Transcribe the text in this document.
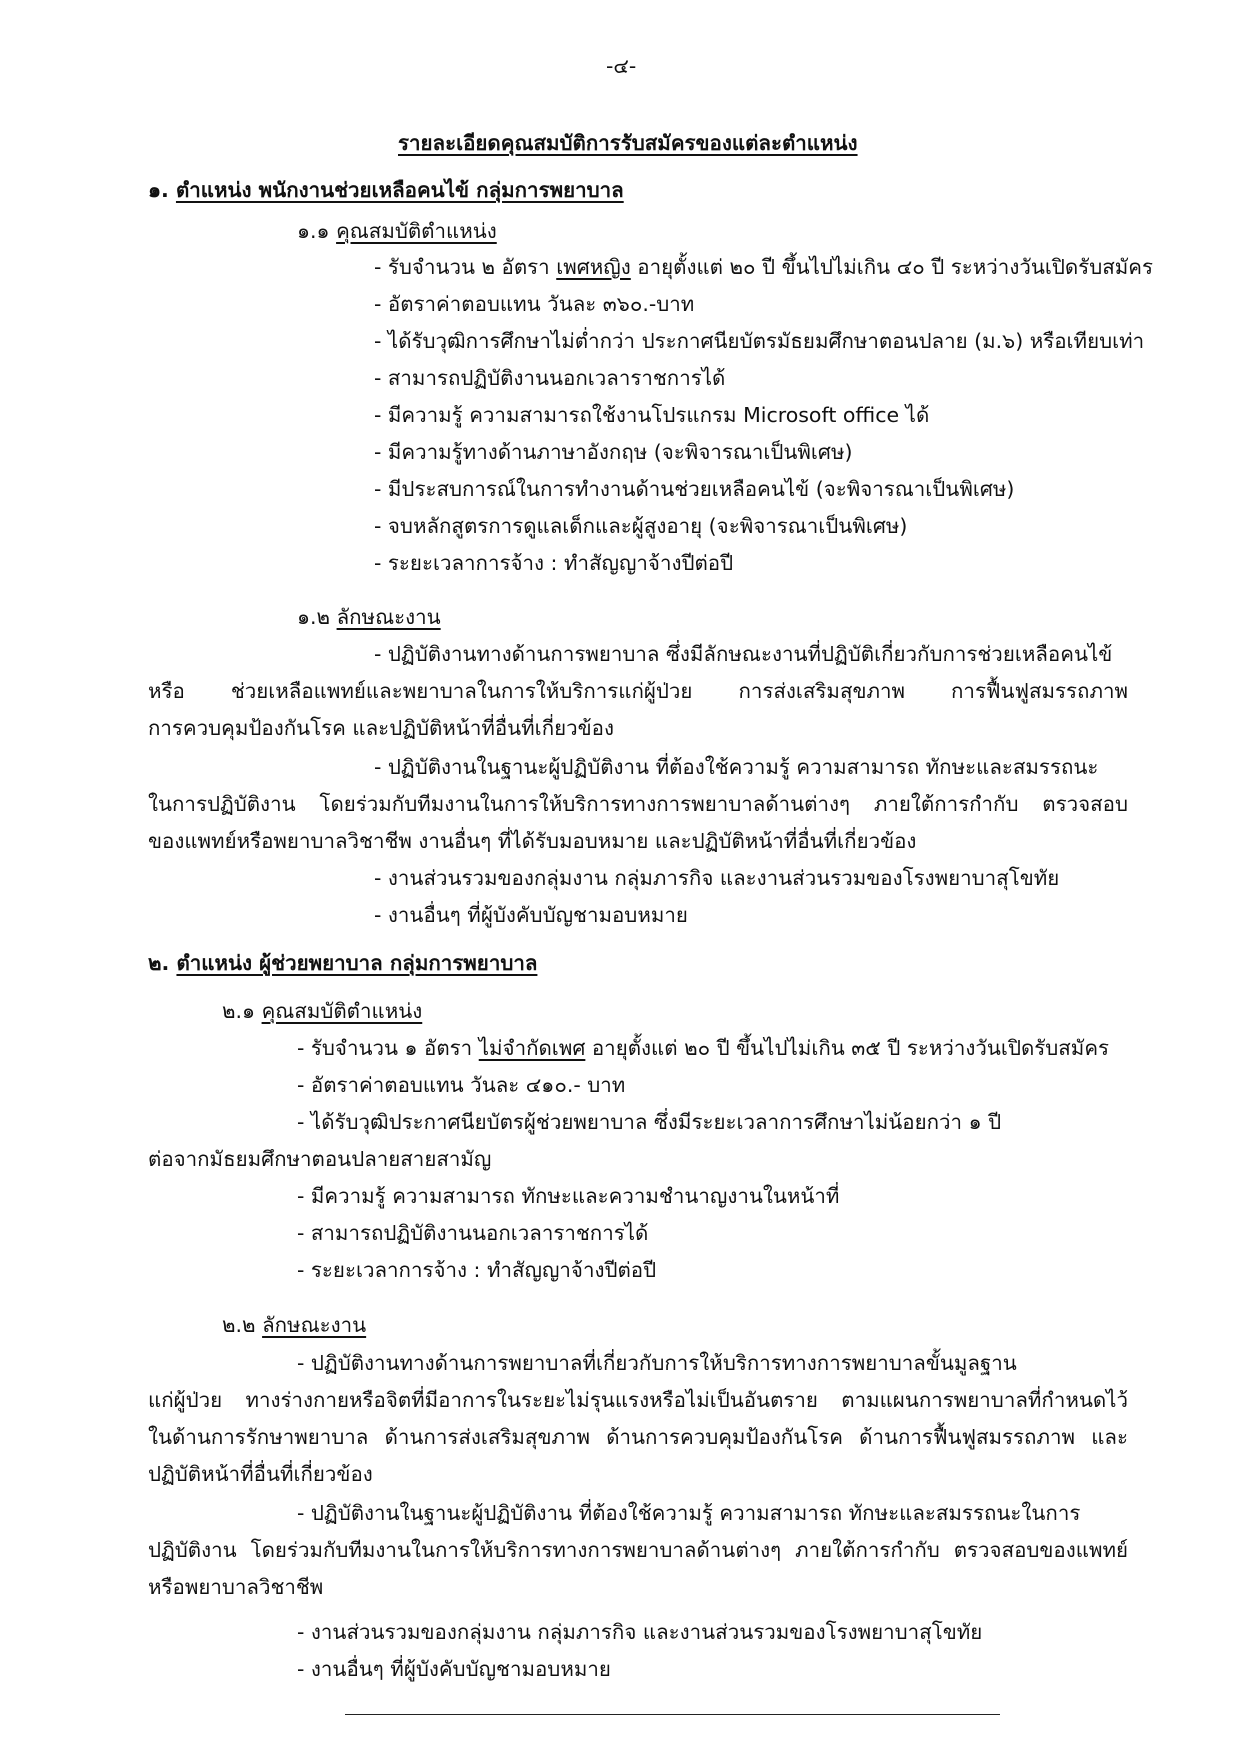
-๔-
รายละเอียดคุณสมบัติการรับสมัครของแต่ละตำแหน่ง
๑. ตำแหน่ง พนักงานช่วยเหลือคนไข้ กลุ่มการพยาบาล
๑.๑ คุณสมบัติตำแหน่ง
- รับจำนวน ๒ อัตรา เพศหญิง อายุตั้งแต่ ๒๐ ปี ขึ้นไปไม่เกิน ๔๐ ปี ระหว่างวันเปิดรับสมัคร
- อัตราค่าตอบแทน วันละ ๓๖๐.-บาท
- ได้รับวุฒิการศึกษาไม่ต่ำกว่า ประกาศนียบัตรมัธยมศึกษาตอนปลาย (ม.๖) หรือเทียบเท่า
- สามารถปฏิบัติงานนอกเวลาราชการได้
- มีความรู้ ความสามารถใช้งานโปรแกรม Microsoft office ได้
- มีความรู้ทางด้านภาษาอังกฤษ (จะพิจารณาเป็นพิเศษ)
- มีประสบการณ์ในการทำงานด้านช่วยเหลือคนไข้ (จะพิจารณาเป็นพิเศษ)
- จบหลักสูตรการดูแลเด็กและผู้สูงอายุ (จะพิจารณาเป็นพิเศษ)
- ระยะเวลาการจ้าง : ทำสัญญาจ้างปีต่อปี
๑.๒ ลักษณะงาน
- ปฏิบัติงานทางด้านการพยาบาล ซึ่งมีลักษณะงานที่ปฏิบัติเกี่ยวกับการช่วยเหลือคนไข้
หรือ ช่วยเหลือแพทย์และพยาบาลในการให้บริการแก่ผู้ป่วย การส่งเสริมสุขภาพ การฟื้นฟูสมรรถภาพ
การควบคุมป้องกันโรค และปฏิบัติหน้าที่อื่นที่เกี่ยวข้อง
- ปฏิบัติงานในฐานะผู้ปฏิบัติงาน ที่ต้องใช้ความรู้ ความสามารถ ทักษะและสมรรถนะ
ในการปฏิบัติงาน โดยร่วมกับทีมงานในการให้บริการทางการพยาบาลด้านต่างๆ ภายใต้การกำกับ ตรวจสอบ
ของแพทย์หรือพยาบาลวิชาชีพ งานอื่นๆ ที่ได้รับมอบหมาย และปฏิบัติหน้าที่อื่นที่เกี่ยวข้อง
- งานส่วนรวมของกลุ่มงาน กลุ่มภารกิจ และงานส่วนรวมของโรงพยาบาสุโขทัย
- งานอื่นๆ ที่ผู้บังคับบัญชามอบหมาย
๒. ตำแหน่ง ผู้ช่วยพยาบาล กลุ่มการพยาบาล
๒.๑ คุณสมบัติตำแหน่ง
- รับจำนวน ๑ อัตรา ไม่จำกัดเพศ อายุตั้งแต่ ๒๐ ปี ขึ้นไปไม่เกิน ๓๕ ปี ระหว่างวันเปิดรับสมัคร
- อัตราค่าตอบแทน วันละ ๔๑๐.- บาท
- ได้รับวุฒิประกาศนียบัตรผู้ช่วยพยาบาล ซึ่งมีระยะเวลาการศึกษาไม่น้อยกว่า ๑ ปี
ต่อจากมัธยมศึกษาตอนปลายสายสามัญ
- มีความรู้ ความสามารถ ทักษะและความชำนาญงานในหน้าที่
- สามารถปฏิบัติงานนอกเวลาราชการได้
- ระยะเวลาการจ้าง : ทำสัญญาจ้างปีต่อปี
๒.๒ ลักษณะงาน
- ปฏิบัติงานทางด้านการพยาบาลที่เกี่ยวกับการให้บริการทางการพยาบาลขั้นมูลฐาน
แก่ผู้ป่วย ทางร่างกายหรือจิตที่มีอาการในระยะไม่รุนแรงหรือไม่เป็นอันตราย ตามแผนการพยาบาลที่กำหนดไว้
ในด้านการรักษาพยาบาล ด้านการส่งเสริมสุขภาพ ด้านการควบคุมป้องกันโรค ด้านการฟื้นฟูสมรรถภาพ และ
ปฏิบัติหน้าที่อื่นที่เกี่ยวข้อง
- ปฏิบัติงานในฐานะผู้ปฏิบัติงาน ที่ต้องใช้ความรู้ ความสามารถ ทักษะและสมรรถนะในการ
ปฏิบัติงาน โดยร่วมกับทีมงานในการให้บริการทางการพยาบาลด้านต่างๆ ภายใต้การกำกับ ตรวจสอบของแพทย์
หรือพยาบาลวิชาชีพ
- งานส่วนรวมของกลุ่มงาน กลุ่มภารกิจ และงานส่วนรวมของโรงพยาบาสุโขทัย
- งานอื่นๆ ที่ผู้บังคับบัญชามอบหมาย
